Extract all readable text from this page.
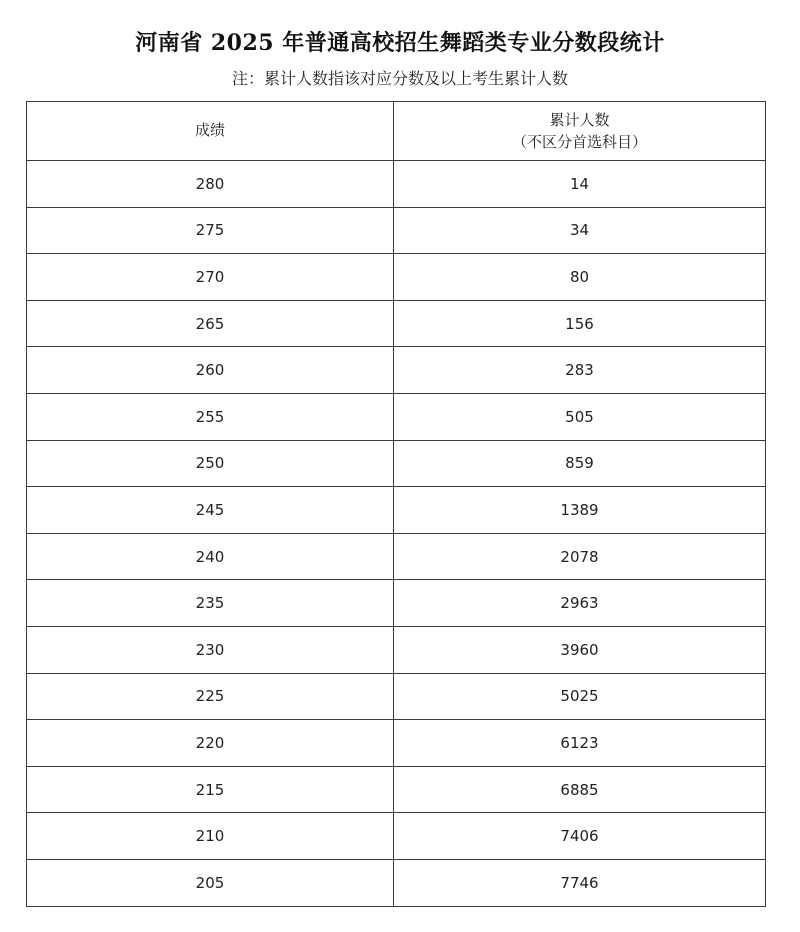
河南省 2025 年普通高校招生舞蹈类专业分数段统计
注：累计人数指该对应分数及以上考生累计人数
成绩	累计人数
（不区分首选科目）

280	14
275	34
270	80
265	156
260	283
255	505
250	859
245	1389
240	2078
235	2963
230	3960
225	5025
220	6123
215	6885
210	7406
205	7746
